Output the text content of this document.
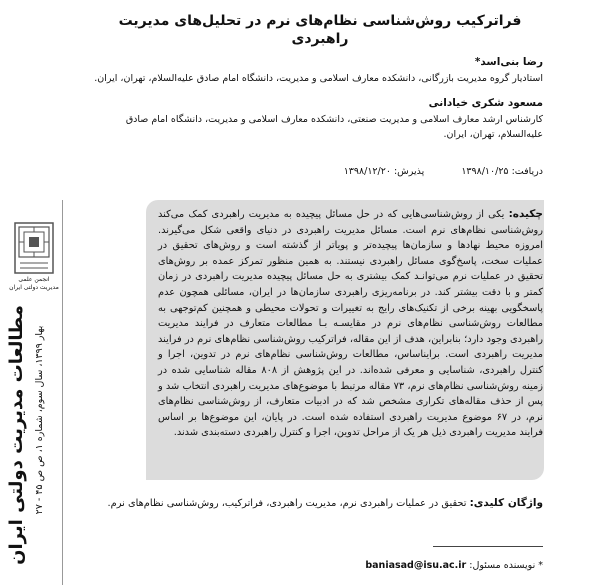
فراترکیب روش‌شناسی نظام‌های نرم در تحلیل‌های مدیریت راهبردی
رضا بنی‌اسد*
استادیار گروه مدیریت بازرگانی، دانشکده معارف اسلامی و مدیریت، دانشگاه امام صادق علیه‌السلام، تهران، ایران.
مسعود شکری خیادانی
کارشناس ارشد معارف اسلامی و مدیریت صنعتی، دانشکده معارف اسلامی و مدیریت، دانشگاه امام صادق علیه‌السلام، تهران، ایران.
دریافت: ۱۳۹۸/۱۰/۲۵ پذیرش: ۱۳۹۸/۱۲/۲۰
چکیده: یکی از روش‌شناسی‌هایی که در حل مسائل پیچیده به مدیریت راهبردی کمک می‌کند روش‌شناسی نظام‌های نرم است. مسائل مدیریت راهبردی در دنیای واقعی شکل می‌گیرند. امروزه محیط نهادها و سازمان‌ها پیچیده‌تر و پویاتر از گذشته است و روش‌های تحقیق در عملیات سخت، پاسخ‌گوی مسائل راهبردی نیستند. به همین منظور تمرکز عمده بر روش‌های تحقیق در عملیات نرم می‌توانـد کمک بیشتری به حل مسائل پیچیده مدیریت راهبردی در زمان کمتر و با دقت بیشتر کند. در برنامه‌ریزی راهبردی سازمان‌ها در ایران، مسائلی همچون عدم پاسخگویی بهینه برخی از تکنیک‌های رایج به تغییرات و تحولات محیطی و همچنین کم‌توجهی به مطالعات روش‌شناسی نظام‌های نرم در مقایسـه بـا مطالعات متعارف در فرایند مدیریت راهبردی وجود دارد؛ بنابراین، هدف از این مقاله، فراترکیب روش‌شناسی نظام‌های نرم در فرایند مدیریت راهبردی است. برایناساس، مطالعات روش‌شناسی نظام‌های نرم در تدوین، اجرا و کنترل راهبردی، شناسایی و معرفی شده‌اند. در این پژوهش از ۸۰۸ مقاله شناسایی شده در زمینه روش‌شناسی نظام‌های نرم، ۷۳ مقاله مرتبط با موضوع‌های مدیریت راهبردی انتخاب شد و پس از حذف مقاله‌های تکراری مشخص شد که در ادبیات متعارف، از روش‌شناسی نظام‌های نرم، در ۶۷ موضوع مدیریت راهبردی استفاده شده است. در پایان، این موضوع‌ها بر اساس فرایند مدیریت راهبردی ذیل هر یک از مراحل تدوین، اجرا و کنترل راهبردی دسته‌بندی شدند.
واژگان کلیدی: تحقیق در عملیات راهبردی نرم، مدیریت راهبردی، فراترکیب، روش‌شناسی نظام‌های نرم.
* نویسنده مسئول: baniasad@isu.ac.ir
انجمن علمی
مدیریت دولتی ایران
مطالعات مدیریت دولتی ایران بهار ۱۳۹۹، سال سوم، شماره ۱، ص ص ۴۵ - ۲۷
